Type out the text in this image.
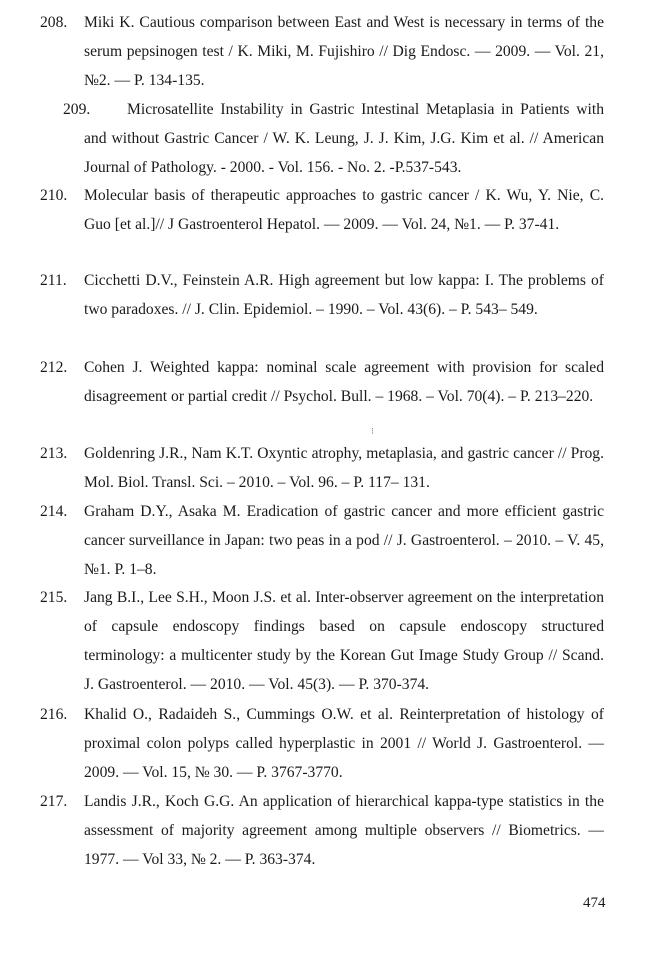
208. Miki K. Cautious comparison between East and West is necessary in terms of the serum pepsinogen test / K. Miki, M. Fujishiro // Dig Endosc. — 2009. — Vol. 21, №2. — P. 134-135.
209.	Microsatellite Instability in Gastric Intestinal Metaplasia in Patients with and without Gastric Cancer / W. K. Leung, J. J. Kim, J.G. Kim et al. // American Journal of Pathology. - 2000. - Vol. 156. - No. 2. -P.537-543.
210. Molecular basis of therapeutic approaches to gastric cancer / K. Wu, Y. Nie, C. Guo [et al.]// J Gastroenterol Hepatol. — 2009. — Vol. 24, №1. — P. 37-41.
211. Cicchetti D.V., Feinstein A.R. High agreement but low kappa: I. The problems of two paradoxes. // J. Clin. Epidemiol. – 1990. – Vol. 43(6). – P. 543– 549.
212. Cohen J. Weighted kappa: nominal scale agreement with provision for scaled disagreement or partial credit // Psychol. Bull. – 1968. – Vol. 70(4). – P. 213–220.
213. Goldenring J.R., Nam K.T. Oxyntic atrophy, metaplasia, and gastric cancer // Prog. Mol. Biol. Transl. Sci. – 2010. – Vol. 96. – P. 117– 131.
214. Graham D.Y., Asaka M. Eradication of gastric cancer and more efficient gastric cancer surveillance in Japan: two peas in a pod // J. Gastroenterol. – 2010. – V. 45, №1. P. 1–8.
215. Jang B.I., Lee S.H., Moon J.S. et al. Inter-observer agreement on the interpretation of capsule endoscopy findings based on capsule endoscopy structured terminology: a multicenter study by the Korean Gut Image Study Group // Scand. J. Gastroenterol. — 2010. — Vol. 45(3). — P. 370-374.
216. Khalid O., Radaideh S., Cummings O.W. et al. Reinterpretation of histology of proximal colon polyps called hyperplastic in 2001 // World J. Gastroenterol. — 2009. — Vol. 15, № 30. — P. 3767-3770.
217. Landis J.R., Koch G.G. An application of hierarchical kappa-type statistics in the assessment of majority agreement among multiple observers // Biometrics. —1977. — Vol 33, № 2. — P. 363-374.
⁝
474
